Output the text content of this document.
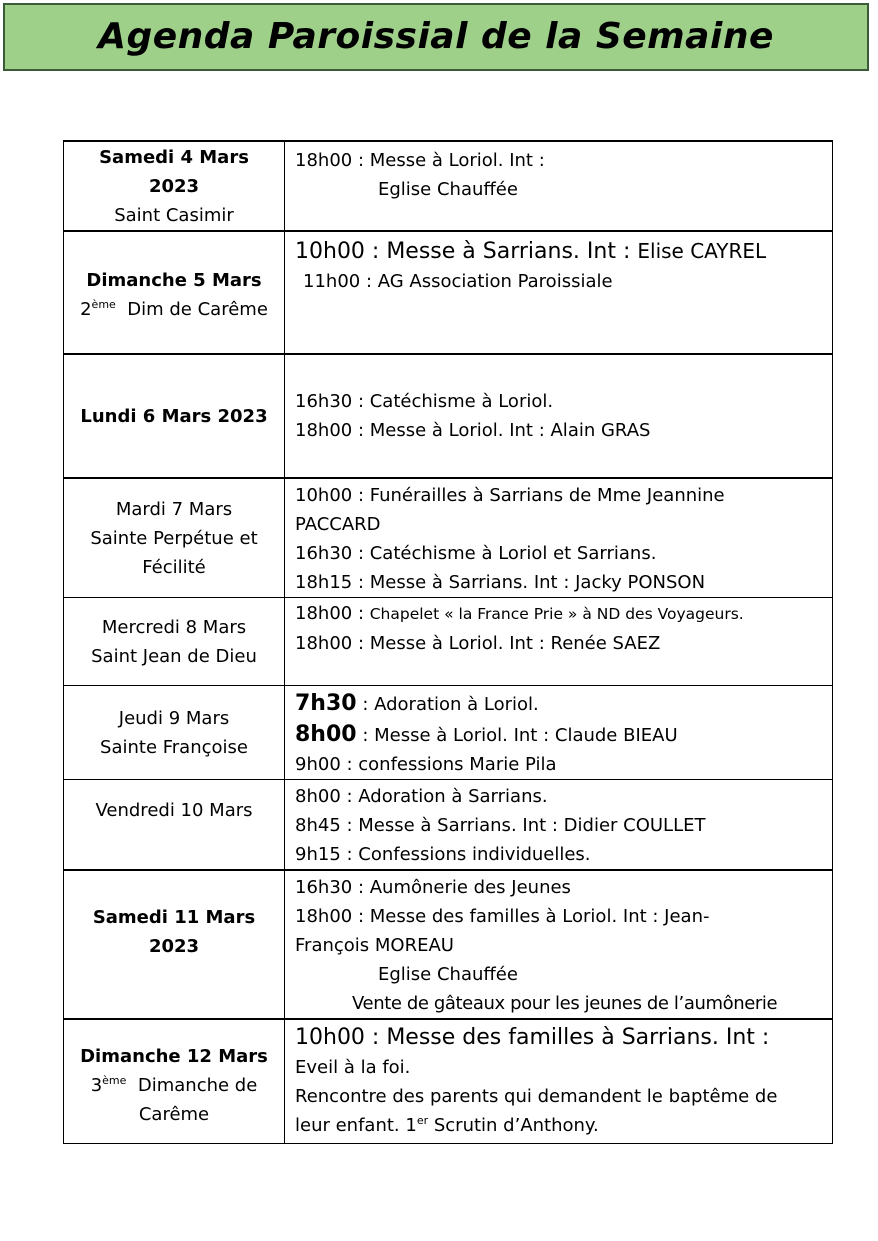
Agenda Paroissial de la Semaine
Samedi 4 Mars
2023
Saint Casimir	18h00 : Messe à Loriol. Int :
Eglise Chauffée

Dimanche 5 Mars
2ème Dim de Carême	10h00 : Messe à Sarrians. Int : Elise CAYREL
11h00 : AG Association Paroissiale

Lundi 6 Mars 2023	16h30 : Catéchisme à Loriol.
18h00 : Messe à Loriol. Int : Alain GRAS

Mardi 7 Mars
Sainte Perpétue et
Fécilité	10h00 : Funérailles à Sarrians de Mme Jeannine
PACCARD
16h30 : Catéchisme à Loriol et Sarrians.
18h15 : Messe à Sarrians. Int : Jacky PONSON

Mercredi 8 Mars
Saint Jean de Dieu	18h00 : Chapelet « la France Prie » à ND des Voyageurs.
18h00 : Messe à Loriol. Int : Renée SAEZ

Jeudi 9 Mars
Sainte Françoise	7h30 : Adoration à Loriol.
8h00 : Messe à Loriol. Int : Claude BIEAU
9h00 : confessions Marie Pila

Vendredi 10 Mars	8h00 : Adoration à Sarrians.
8h45 : Messe à Sarrians. Int : Didier COULLET
9h15 : Confessions individuelles.

Samedi 11 Mars
2023	16h30 : Aumônerie des Jeunes
18h00 : Messe des familles à Loriol. Int : Jean-
François MOREAU
Eglise Chauffée
Vente de gâteaux pour les jeunes de l’aumônerie

Dimanche 12 Mars
3ème Dimanche de
Carême	10h00 : Messe des familles à Sarrians. Int :
Eveil à la foi.
Rencontre des parents qui demandent le baptême de
leur enfant. 1er Scrutin d’Anthony.
